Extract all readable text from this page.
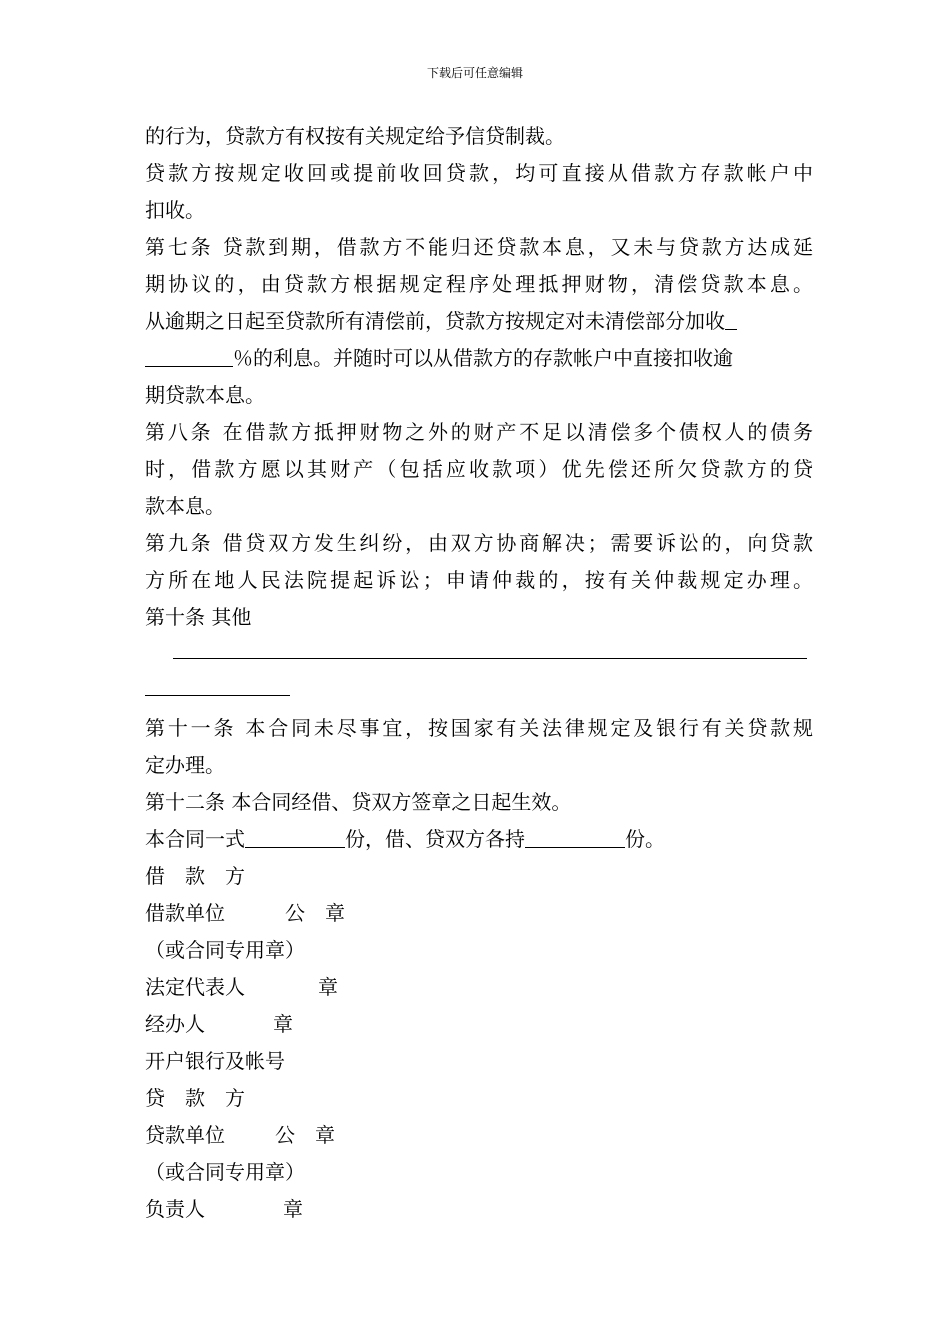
下载后可任意编辑
的行为，贷款方有权按有关规定给予信贷制裁。
贷款方按规定收回或提前收回贷款，均可直接从借款方存款帐户中
扣收。
第七条 贷款到期，借款方不能归还贷款本息，又未与贷款方达成延
期协议的，由贷款方根据规定程序处理抵押财物，清偿贷款本息。
从逾期之日起至贷款所有清偿前，贷款方按规定对未清偿部分加收
％的利息。并随时可以从借款方的存款帐户中直接扣收逾
期贷款本息。
第八条 在借款方抵押财物之外的财产不足以清偿多个债权人的债务
时，借款方愿以其财产（包括应收款项）优先偿还所欠贷款方的贷
款本息。
第九条 借贷双方发生纠纷，由双方协商解决；需要诉讼的，向贷款
方所在地人民法院提起诉讼；申请仲裁的，按有关仲裁规定办理。
第十条 其他
第十一条 本合同未尽事宜，按国家有关法律规定及银行有关贷款规
定办理。
第十二条 本合同经借、贷双方签章之日起生效。
本合同一式	份，借、贷双方各持	份。
借　款　方
借款单位	公　章
（或合同专用章）
法定代表人	章
经办人	章
开户银行及帐号
贷　款　方
贷款单位	公　章
（或合同专用章）
负责人	章
